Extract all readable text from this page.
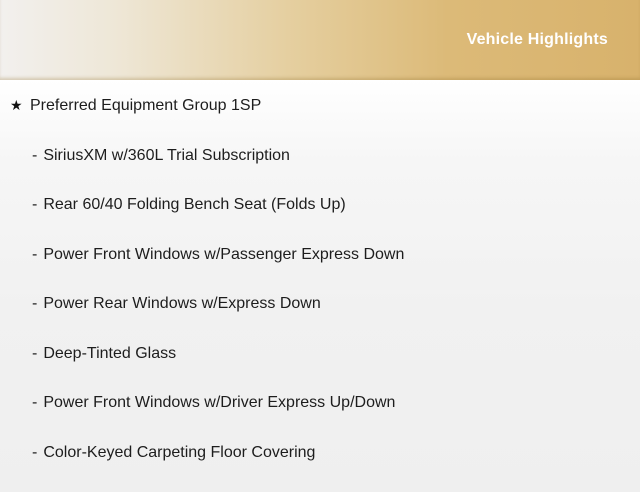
Vehicle Highlights
★ Preferred Equipment Group 1SP
- SiriusXM w/360L Trial Subscription
- Rear 60/40 Folding Bench Seat (Folds Up)
- Power Front Windows w/Passenger Express Down
- Power Rear Windows w/Express Down
- Deep-Tinted Glass
- Power Front Windows w/Driver Express Up/Down
- Color-Keyed Carpeting Floor Covering
